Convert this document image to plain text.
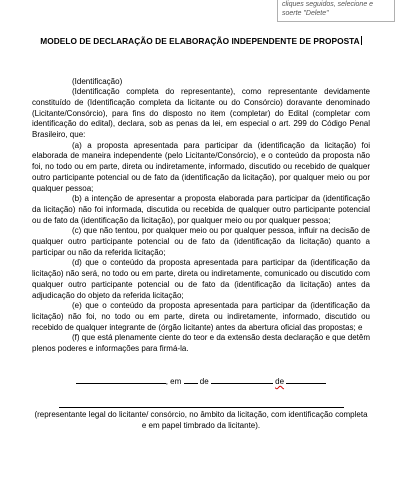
cliques seguidos, selecione e
soerte "Delete"
MODELO DE DECLARAÇÃO DE ELABORAÇÃO INDEPENDENTE DE PROPOSTA
(Identificação)

(Identificação completa do representante), como representante devidamente constituído de (Identificação completa da licitante ou do Consórcio) doravante denominado (Licitante/Consórcio), para fins do disposto no item (completar) do Edital (completar com identificação do edital), declara, sob as penas da lei, em especial o art. 299 do Código Penal Brasileiro, que:

(a) a proposta apresentada para participar da (identificação da licitação) foi elaborada de maneira independente (pelo Licitante/Consórcio), e o conteúdo da proposta não foi, no todo ou em parte, direta ou indiretamente, informado, discutido ou recebido de qualquer outro participante potencial ou de fato da (identificação da licitação), por qualquer meio ou por qualquer pessoa;

(b) a intenção de apresentar a proposta elaborada para participar da (identificação da licitação) não foi informada, discutida ou recebida de qualquer outro participante potencial ou de fato da (identificação da licitação), por qualquer meio ou por qualquer pessoa;

(c) que não tentou, por qualquer meio ou por qualquer pessoa, influir na decisão de qualquer outro participante potencial ou de fato da (identificação da licitação) quanto a participar ou não da referida licitação;

(d) que o conteúdo da proposta apresentada para participar da (identificação da licitação) não será, no todo ou em parte, direta ou indiretamente, comunicado ou discutido com qualquer outro participante potencial ou de fato da (identificação da licitação) antes da adjudicação do objeto da referida licitação;

(e) que o conteúdo da proposta apresentada para participar da (identificação da licitação) não foi, no todo ou em parte, direta ou indiretamente, informado, discutido ou recebido de qualquer integrante de (órgão licitante) antes da abertura oficial das propostas; e

(f) que está plenamente ciente do teor e da extensão desta declaração e que detêm plenos poderes e informações para firmá-la.

, em de	de
(representante legal do licitante/ consórcio, no âmbito da licitação, com identificação completa e em papel timbrado da licitante).
